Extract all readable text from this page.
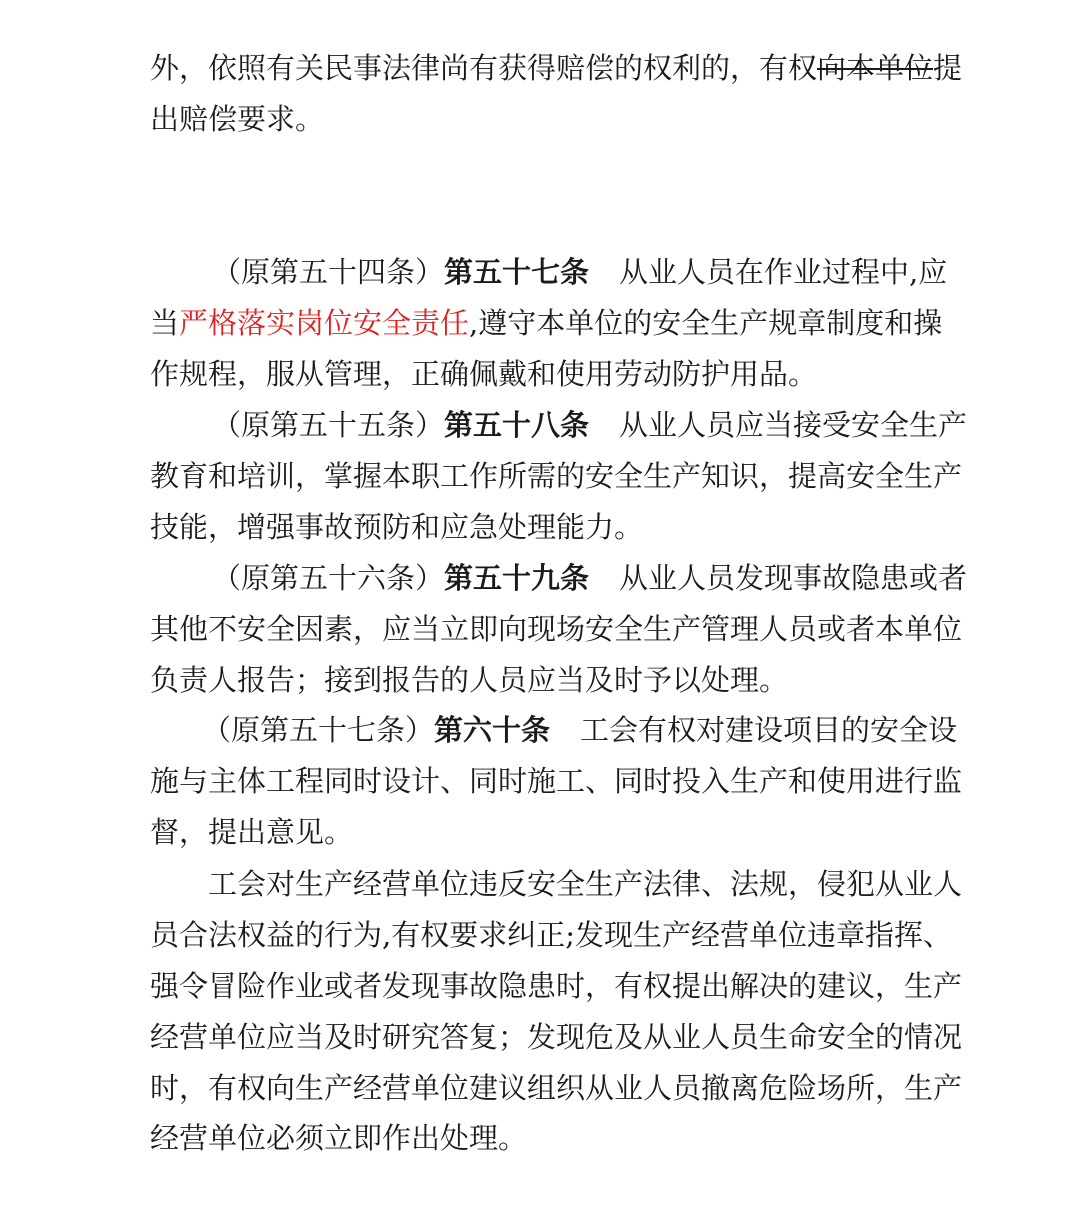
外，依照有关民事法律尚有获得赔偿的权利的，有权向本单位提
出赔偿要求。
（原第五十四条）第五十七条 从业人员在作业过程中,应
当严格落实岗位安全责任,遵守本单位的安全生产规章制度和操
作规程，服从管理，正确佩戴和使用劳动防护用品。
（原第五十五条）第五十八条 从业人员应当接受安全生产
教育和培训，掌握本职工作所需的安全生产知识，提高安全生产
技能，增强事故预防和应急处理能力。
（原第五十六条）第五十九条 从业人员发现事故隐患或者
其他不安全因素，应当立即向现场安全生产管理人员或者本单位
负责人报告；接到报告的人员应当及时予以处理。
（原第五十七条）第六十条 工会有权对建设项目的安全设
施与主体工程同时设计、同时施工、同时投入生产和使用进行监
督，提出意见。
工会对生产经营单位违反安全生产法律、法规，侵犯从业人
员合法权益的行为,有权要求纠正;发现生产经营单位违章指挥、
强令冒险作业或者发现事故隐患时，有权提出解决的建议，生产
经营单位应当及时研究答复；发现危及从业人员生命安全的情况
时，有权向生产经营单位建议组织从业人员撤离危险场所，生产
经营单位必须立即作出处理。
